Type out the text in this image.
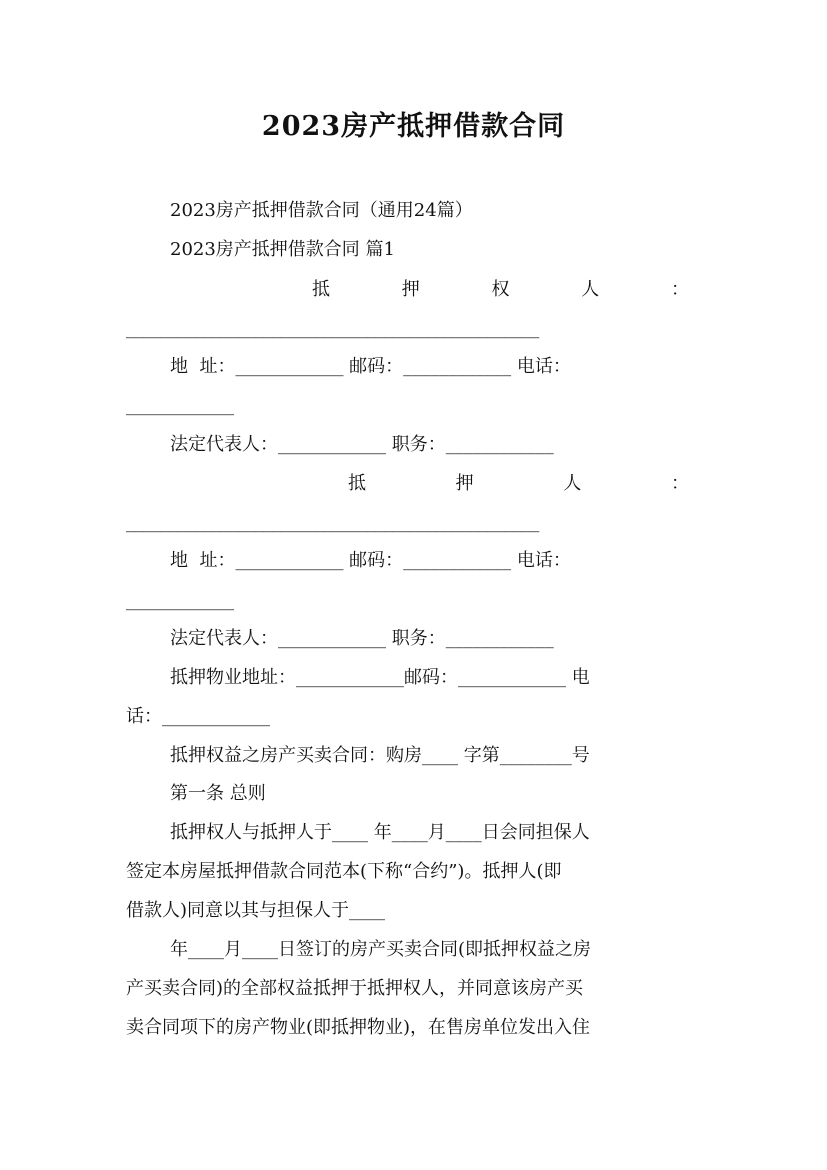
2023房产抵押借款合同

2023房产抵押借款合同（通用24篇）

2023房产抵押借款合同 篇1

抵	押	权	人	：

________________________________________________

地  址：____________ 邮码：____________ 电话：

____________

法定代表人：____________ 职务：____________

抵	押	人	：

________________________________________________

地  址：____________ 邮码：____________ 电话：

____________

法定代表人：____________ 职务：____________

抵押物业地址：____________邮码：____________ 电

话：____________

抵押权益之房产买卖合同：购房____ 字第________号

第一条 总则

抵押权人与抵押人于____ 年____月____日会同担保人

签定本房屋抵押借款合同范本(下称“合约”)。抵押人(即

借款人)同意以其与担保人于____

年____月____日签订的房产买卖合同(即抵押权益之房

产买卖合同)的全部权益抵押于抵押权人，并同意该房产买

卖合同项下的房产物业(即抵押物业)，在售房单位发出入住
